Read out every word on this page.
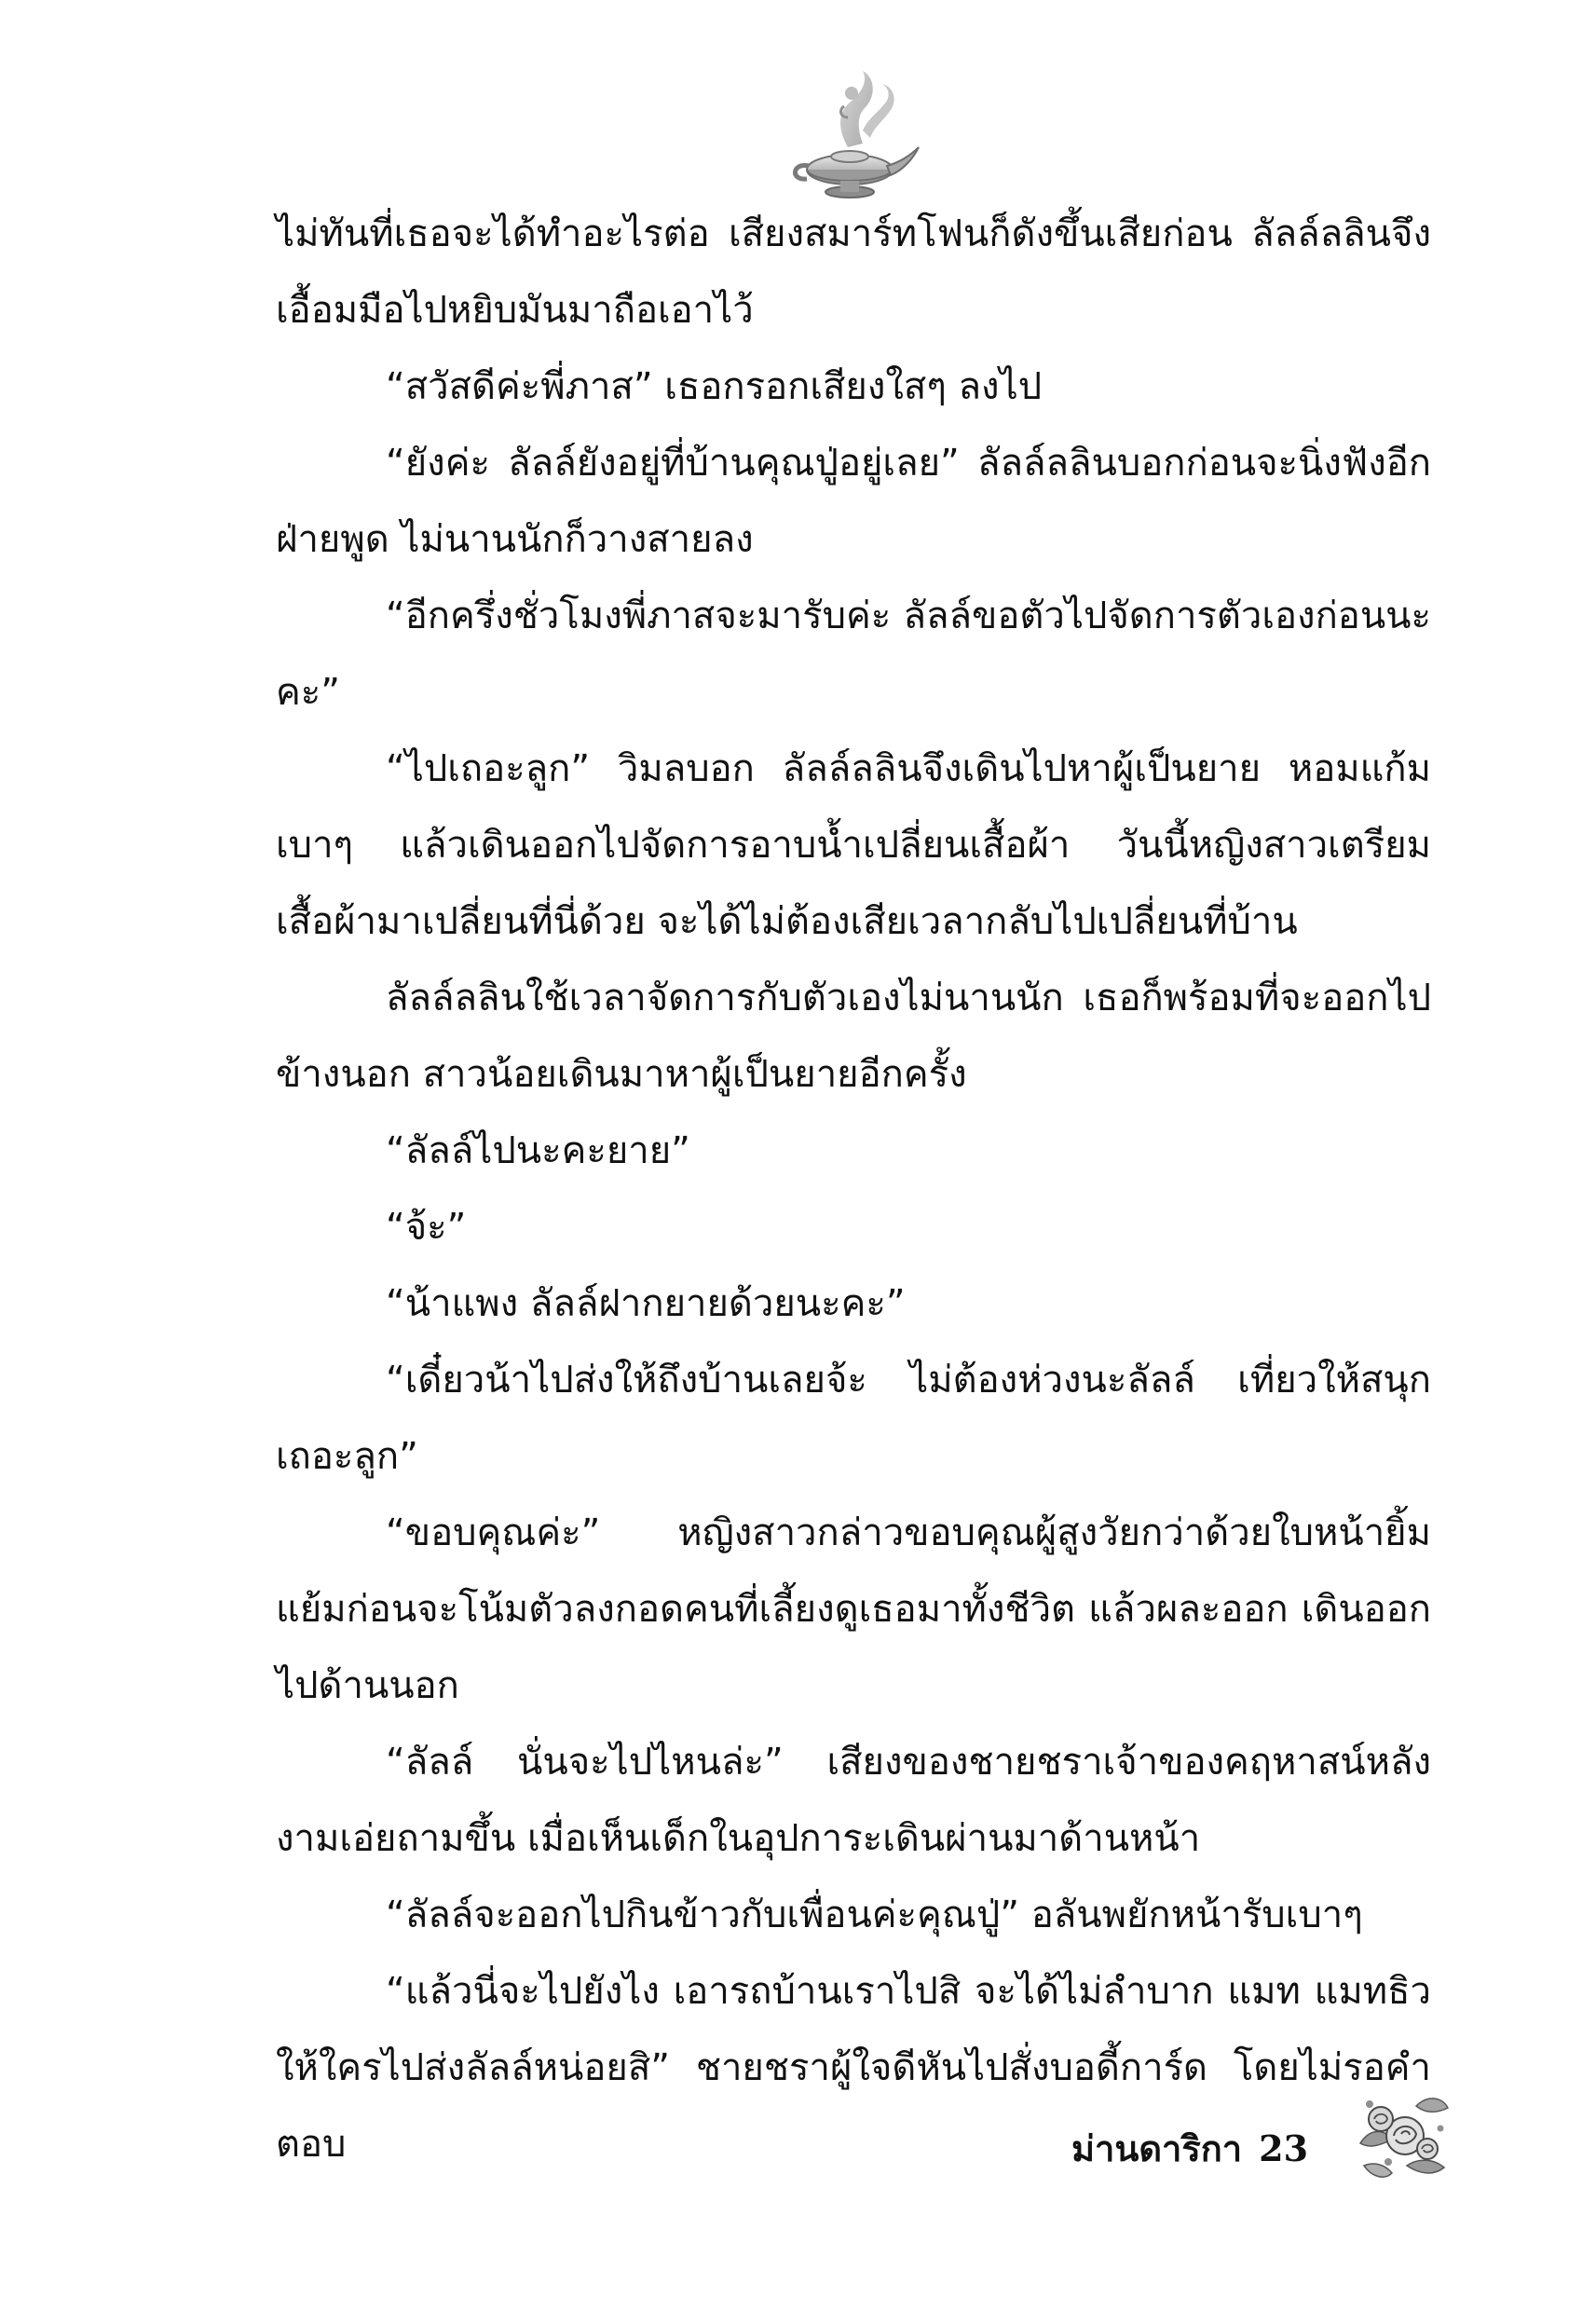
ไม่ทันที่เธอจะได้ทำอะไรต่อ เสียงสมาร์ทโฟนก็ดังขึ้นเสียก่อน ลัลล์ลลินจึงเอื้อมมือไปหยิบมันมาถือเอาไว้

“สวัสดีค่ะพี่ภาส” เธอกรอกเสียงใสๆ ลงไป

“ยังค่ะ ลัลล์ยังอยู่ที่บ้านคุณปู่อยู่เลย” ลัลล์ลลินบอกก่อนจะนิ่งฟังอีกฝ่ายพูด ไม่นานนักก็วางสายลง

“อีกครึ่งชั่วโมงพี่ภาสจะมารับค่ะ ลัลล์ขอตัวไปจัดการตัวเองก่อนนะคะ”

“ไปเถอะลูก” วิมลบอก ลัลล์ลลินจึงเดินไปหาผู้เป็นยาย หอมแก้มเบาๆ แล้วเดินออกไปจัดการอาบน้ำเปลี่ยนเสื้อผ้า วันนี้หญิงสาวเตรียมเสื้อผ้ามาเปลี่ยนที่นี่ด้วย จะได้ไม่ต้องเสียเวลากลับไปเปลี่ยนที่บ้าน

ลัลล์ลลินใช้เวลาจัดการกับตัวเองไม่นานนัก เธอก็พร้อมที่จะออกไปข้างนอก สาวน้อยเดินมาหาผู้เป็นยายอีกครั้ง

“ลัลล์ไปนะคะยาย”

“จ้ะ”

“น้าแพง ลัลล์ฝากยายด้วยนะคะ”

“เดี๋ยวน้าไปส่งให้ถึงบ้านเลยจ้ะ ไม่ต้องห่วงนะลัลล์ เที่ยวให้สนุกเถอะลูก”

“ขอบคุณค่ะ” หญิงสาวกล่าวขอบคุณผู้สูงวัยกว่าด้วยใบหน้ายิ้มแย้มก่อนจะโน้มตัวลงกอดคนที่เลี้ยงดูเธอมาทั้งชีวิต แล้วผละออก เดินออกไปด้านนอก

“ลัลล์ นั่นจะไปไหนล่ะ” เสียงของชายชราเจ้าของคฤหาสน์หลังงามเอ่ยถามขึ้น เมื่อเห็นเด็กในอุปการะเดินผ่านมาด้านหน้า

“ลัลล์จะออกไปกินข้าวกับเพื่อนค่ะคุณปู่” อลันพยักหน้ารับเบาๆ

“แล้วนี่จะไปยังไง เอารถบ้านเราไปสิ จะได้ไม่ลำบาก แมท แมทธิวให้ใครไปส่งลัลล์หน่อยสิ” ชายชราผู้ใจดีหันไปสั่งบอดี้การ์ด โดยไม่รอคำตอบ	ม่านดาริกา 23
